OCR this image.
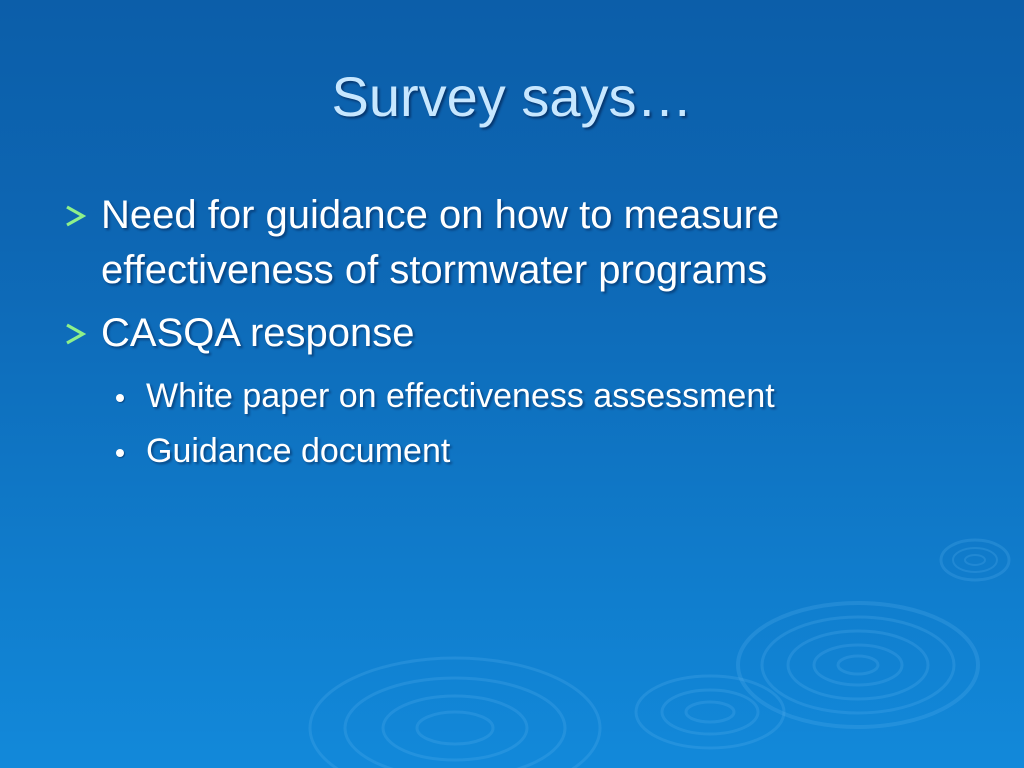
Survey says…
Need for guidance on how to measure effectiveness of stormwater programs
CASQA response
White paper on effectiveness assessment
Guidance document
